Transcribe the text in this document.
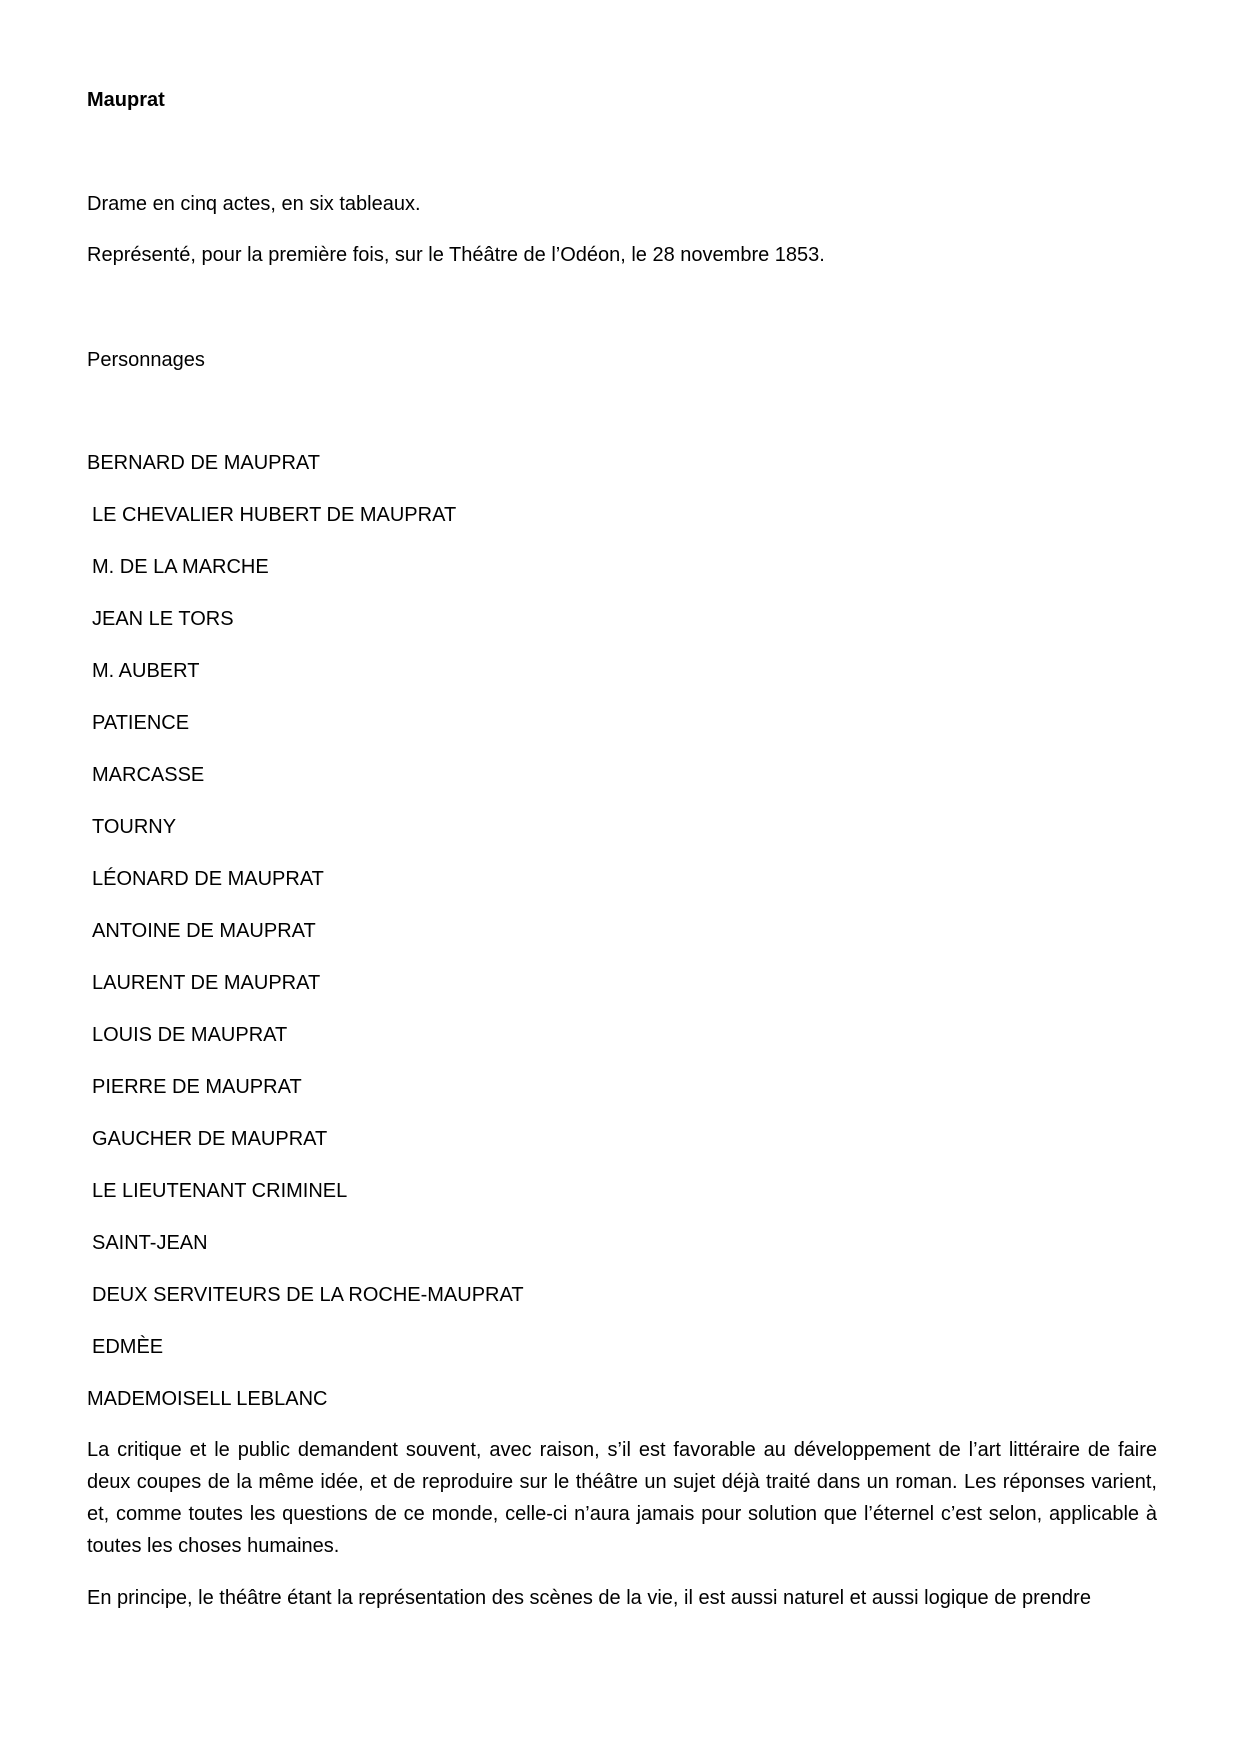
Mauprat
Drame en cinq actes, en six tableaux.
Représenté, pour la première fois, sur le Théâtre de l’Odéon, le 28 novembre 1853.
Personnages
BERNARD DE MAUPRAT
LE CHEVALIER HUBERT DE MAUPRAT
M. DE LA MARCHE
JEAN LE TORS
M. AUBERT
PATIENCE
MARCASSE
TOURNY
LÉONARD DE MAUPRAT
ANTOINE DE MAUPRAT
LAURENT DE MAUPRAT
LOUIS DE MAUPRAT
PIERRE DE MAUPRAT
GAUCHER DE MAUPRAT
LE LIEUTENANT CRIMINEL
SAINT-JEAN
DEUX SERVITEURS DE LA ROCHE-MAUPRAT
EDMÈE
MADEMOISELL LEBLANC
La critique et le public demandent souvent, avec raison, s’il est favorable au développement de l’art littéraire de faire deux coupes de la même idée, et de reproduire sur le théâtre un sujet déjà traité dans un roman. Les réponses varient, et, comme toutes les questions de ce monde, celle-ci n’aura jamais pour solution que l’éternel c’est selon, applicable à toutes les choses humaines.
En principe, le théâtre étant la représentation des scènes de la vie, il est aussi naturel et aussi logique de prendre
